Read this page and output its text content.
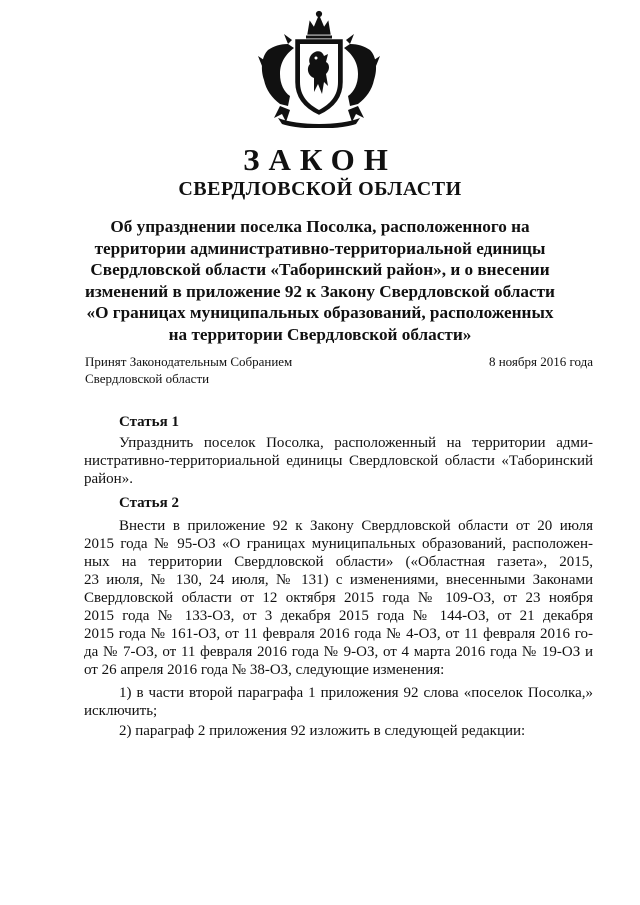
ЗАКОН
СВЕРДЛОВСКОЙ ОБЛАСТИ
Об упразднении поселка Посолка, расположенного на
территории административно-территориальной единицы
Свердловской области «Таборинский район», и о внесении
изменений в приложение 92 к Закону Свердловской области
«О границах муниципальных образований, расположенных
на территории Свердловской области»
Принят Законодательным Собранием
Свердловской области
8 ноября 2016 года
Статья 1
Упразднить поселок Посолка, расположенный на территории адми-
нистративно-территориальной единицы Свердловской области «Таборинский
район».
Статья 2
Внести в приложение 92 к Закону Свердловской области от 20 июля
2015 года № 95-ОЗ «О границах муниципальных образований, расположен-
ных на территории Свердловской области» («Областная газета», 2015,
23 июля, № 130, 24 июля, № 131) с изменениями, внесенными Законами
Свердловской области от 12 октября 2015 года № 109-ОЗ, от 23 ноября
2015 года № 133-ОЗ, от 3 декабря 2015 года № 144-ОЗ, от 21 декабря
2015 года № 161-ОЗ, от 11 февраля 2016 года № 4-ОЗ, от 11 февраля 2016 го-
да № 7-ОЗ, от 11 февраля 2016 года № 9-ОЗ, от 4 марта 2016 года № 19-ОЗ и
от 26 апреля 2016 года № 38-ОЗ, следующие изменения:
1) в части второй параграфа 1 приложения 92 слова «поселок Посолка,»
исключить;
2) параграф 2 приложения 92 изложить в следующей редакции:
